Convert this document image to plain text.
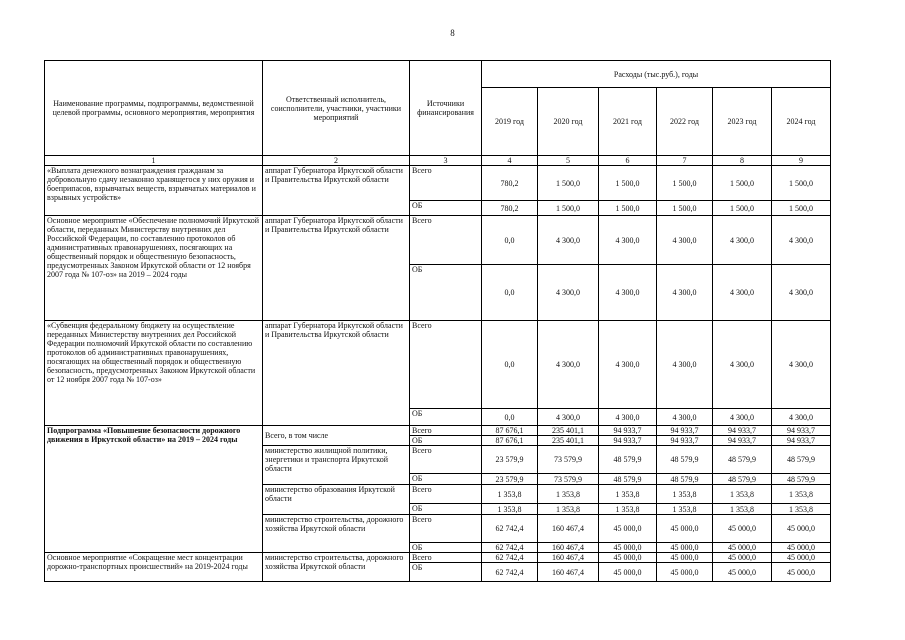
8
Наименование программы, подпрограммы, ведомственной целевой программы, основного мероприятия, мероприятия	Ответственный исполнитель, соисполнители, участники, участники мероприятий	Источники финансирования	Расходы (тыс.руб.), годы					
			2019 год	2020 год	2021 год	2022 год	2023 год	2024 год
1	2	3	4	5	6	7	8	9
«Выплата денежного вознаграждения гражданам за добровольную сдачу незаконно хранящегося у них оружия и боеприпасов, взрывчатых веществ, взрывчатых материалов и взрывных устройств»	аппарат Губернатора Иркутской области и Правительства Иркутской области	Всего	780,2	1 500,0	1 500,0	1 500,0	1 500,0	1 500,0
		ОБ	780,2	1 500,0	1 500,0	1 500,0	1 500,0	1 500,0
Основное мероприятие «Обеспечение полномочий Иркутской области, переданных Министерству внутренних дел Российской Федерации, по составлению протоколов об административных правонарушениях, посягающих на общественный порядок и общественную безопасность, предусмотренных Законом Иркутской области от 12 ноября 2007 года № 107-оз» на 2019 – 2024 годы	аппарат Губернатора Иркутской области и Правительства Иркутской области	Всего	0,0	4 300,0	4 300,0	4 300,0	4 300,0	4 300,0
		ОБ	0,0	4 300,0	4 300,0	4 300,0	4 300,0	4 300,0
«Субвенция федеральному бюджету на осуществление переданных Министерству внутренних дел Российской Федерации полномочий Иркутской области по составлению протоколов об административных правонарушениях, посягающих на общественный порядок и общественную безопасность, предусмотренных Законом Иркутской области от 12 ноября 2007 года № 107-оз»	аппарат Губернатора Иркутской области и Правительства Иркутской области	Всего	0,0	4 300,0	4 300,0	4 300,0	4 300,0	4 300,0
		ОБ	0,0	4 300,0	4 300,0	4 300,0	4 300,0	4 300,0
Подпрограмма «Повышение безопасности дорожного движения в Иркутской области» на 2019 – 2024 годы	Всего, в том числе	Всего	87 676,1	235 401,1	94 933,7	94 933,7	94 933,7	94 933,7
		ОБ	87 676,1	235 401,1	94 933,7	94 933,7	94 933,7	94 933,7
	министерство жилищной политики, энергетики и транспорта Иркутской области	Всего	23 579,9	73 579,9	48 579,9	48 579,9	48 579,9	48 579,9
		ОБ	23 579,9	73 579,9	48 579,9	48 579,9	48 579,9	48 579,9
	министерство образования Иркутской области	Всего	1 353,8	1 353,8	1 353,8	1 353,8	1 353,8	1 353,8
		ОБ	1 353,8	1 353,8	1 353,8	1 353,8	1 353,8	1 353,8
	министерство строительства, дорожного хозяйства Иркутской области	Всего	62 742,4	160 467,4	45 000,0	45 000,0	45 000,0	45 000,0
		ОБ	62 742,4	160 467,4	45 000,0	45 000,0	45 000,0	45 000,0
Основное мероприятие «Сокращение мест концентрации дорожно-транспортных происшествий» на 2019-2024 годы	министерство строительства, дорожного хозяйства Иркутской области	Всего	62 742,4	160 467,4	45 000,0	45 000,0	45 000,0	45 000,0
		ОБ	62 742,4	160 467,4	45 000,0	45 000,0	45 000,0	45 000,0
